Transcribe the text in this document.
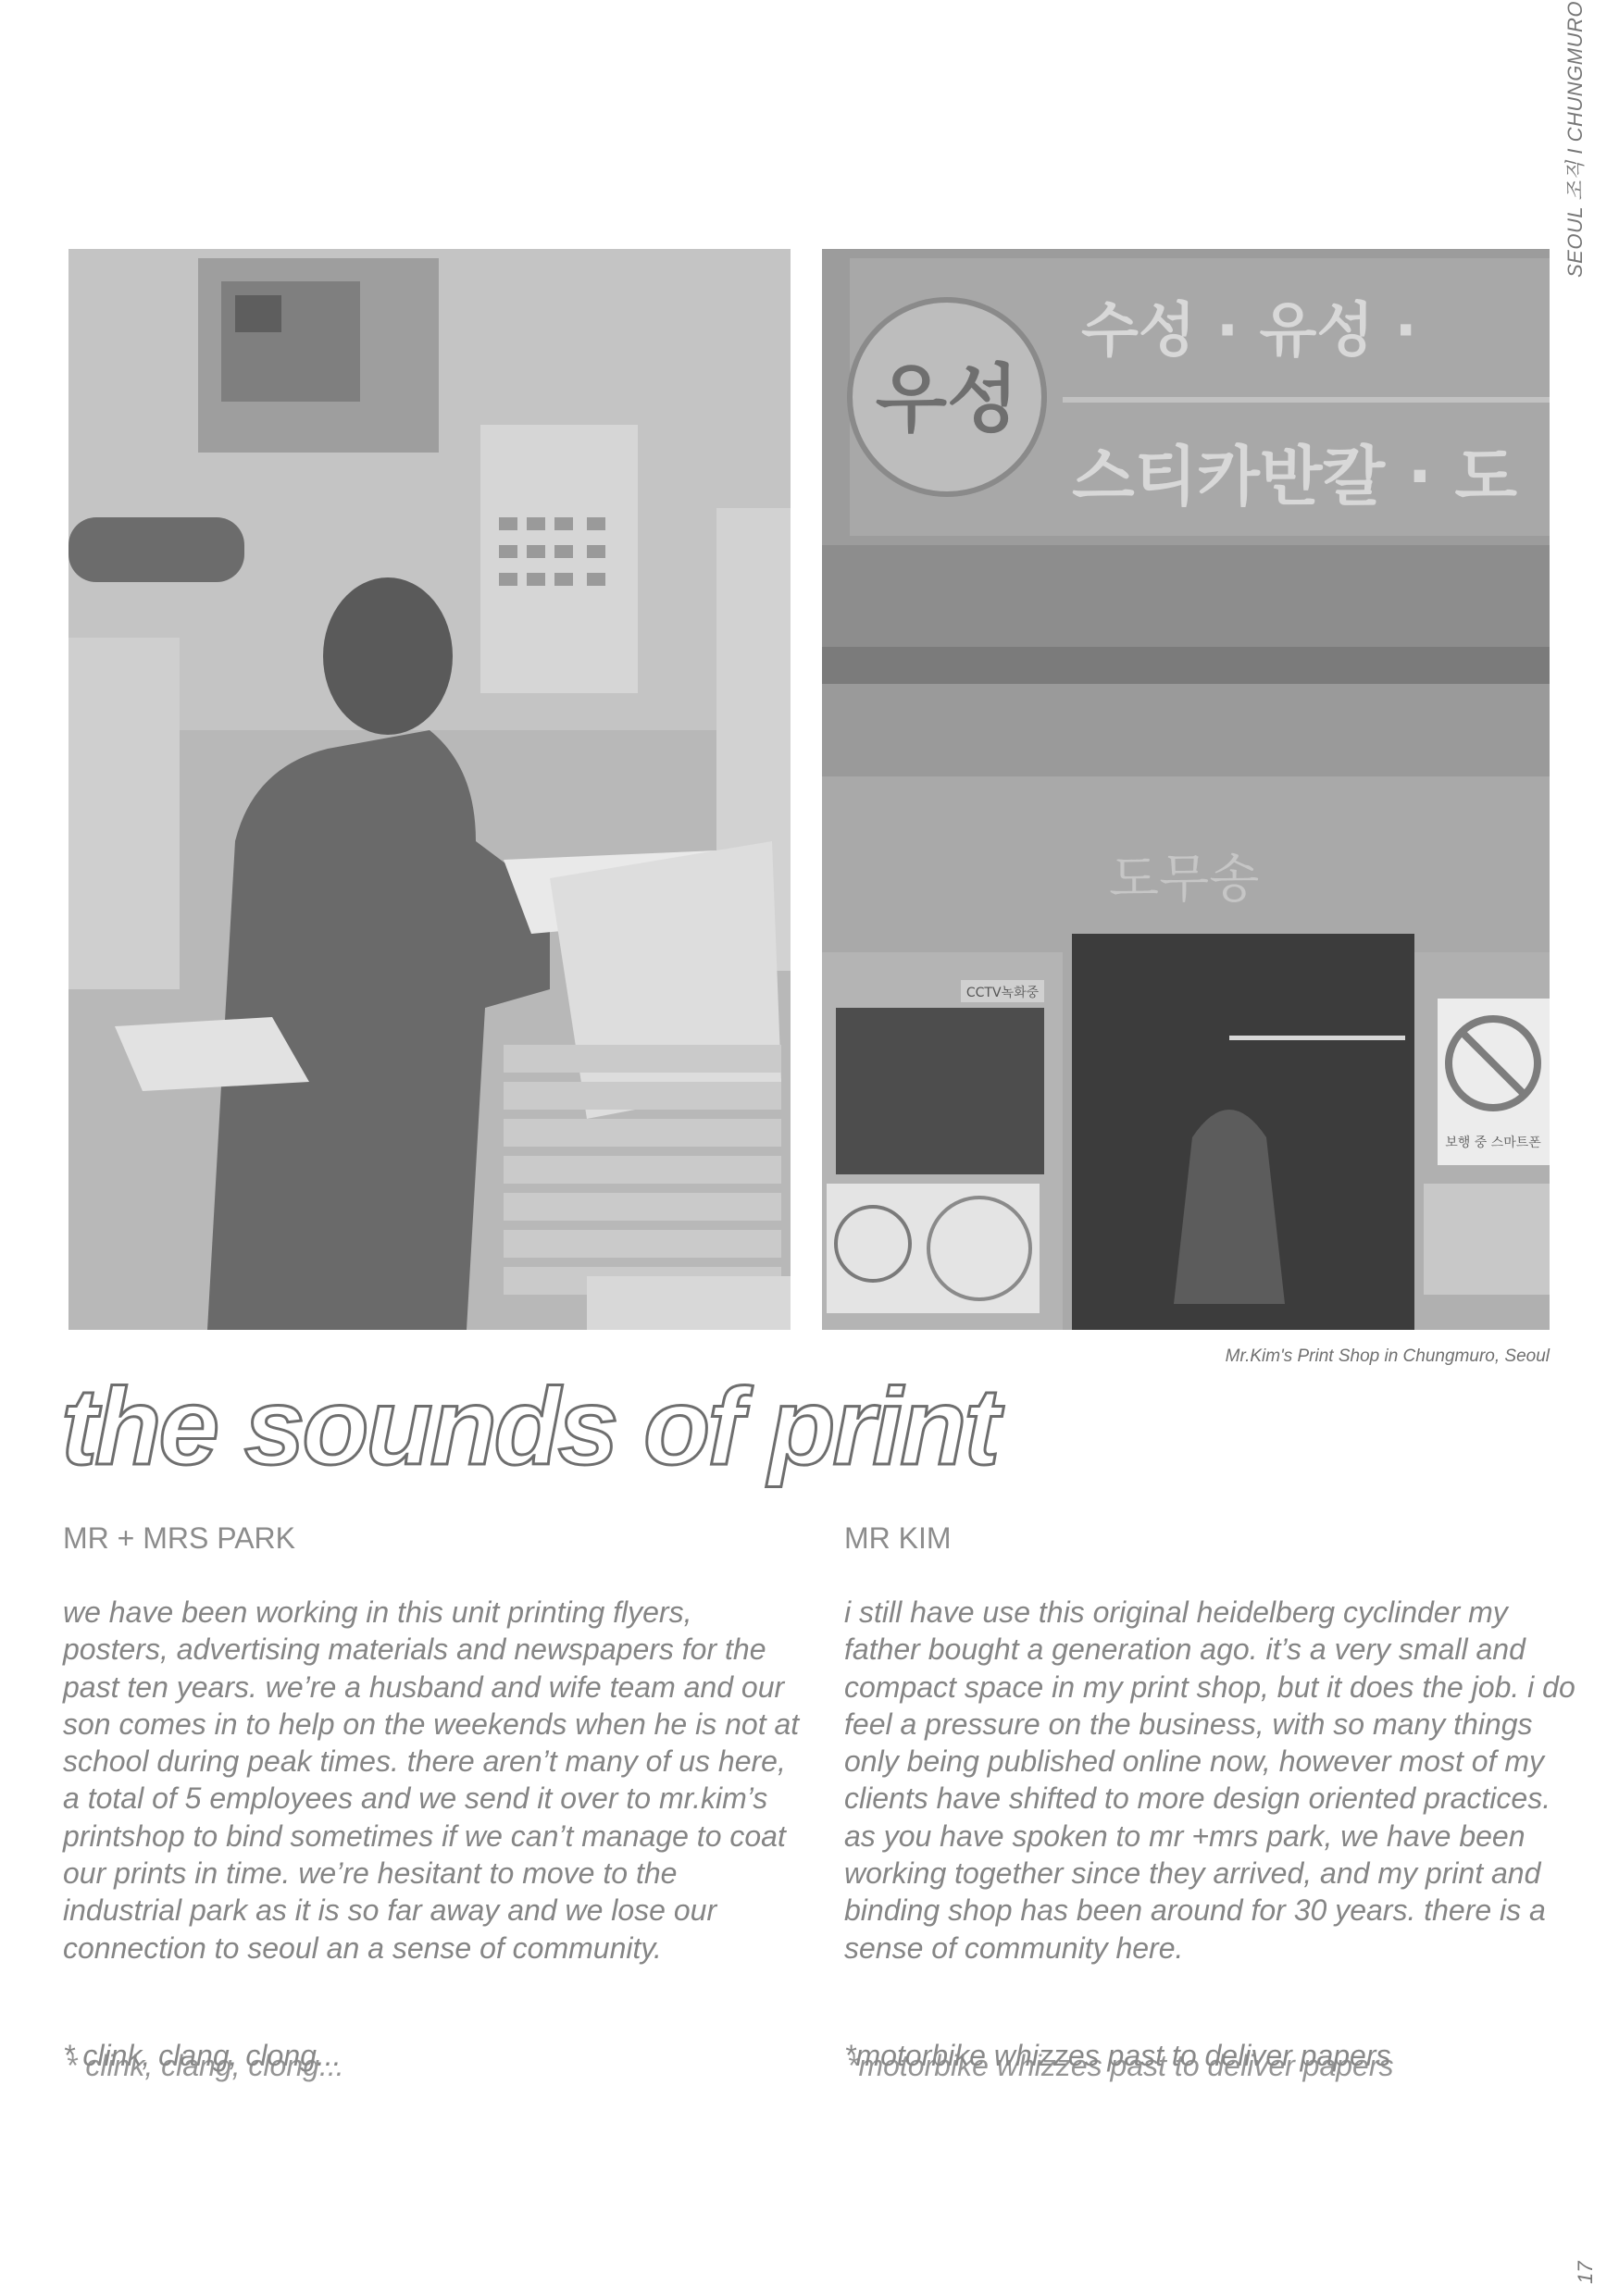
SEOUL 조직 I CHUNGMURO
우성
수성 · 유성 ·
스티카반칼 · 도
도무송
CCTV녹화중
보행 중 스마트폰
Mr.Kim's Print Shop in Chungmuro, Seoul
the sounds of print
MR + MRS PARK	MR KIM

we have been working in this unit printing flyers, posters, advertising materials and newspapers for the past ten years. we’re a husband and wife team and our son comes in to help on the weekends when he is not at school during peak times. there aren’t many of us here, a total of 5 employees and we send it over to mr.kim’s printshop to bind sometimes if we can’t manage to coat our prints in time. we’re hesitant to move to the industrial park as it is so far away and we lose our connection to seoul an a sense of community.

i still have use this original heidelberg cyclinder my father bought a generation ago. it’s a very small and compact space in my print shop, but it does the job. i do feel a pressure on the business, with so many things only being published online now, however most of my clients have shifted to more design oriented practices. as you have spoken to mr +mrs park, we have been working together since they arrived, and my print and binding shop has been around for 30 years. there is a sense of community here.

* clink, clang, clong...	*motorbike whizzes past to deliver papers
17
